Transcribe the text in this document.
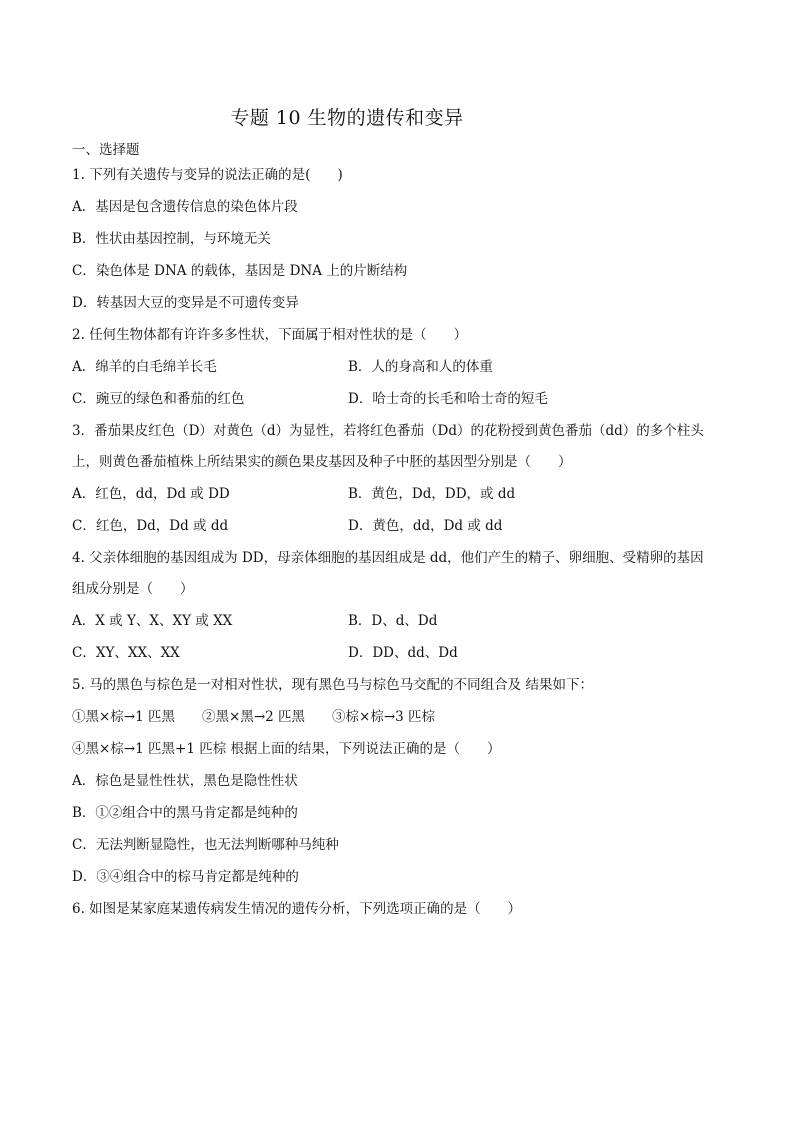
专题 10 生物的遗传和变异
一、选择题
1. 下列有关遗传与变异的说法正确的是(　　)
A．基因是包含遗传信息的染色体片段
B．性状由基因控制，与环境无关
C．染色体是 DNA 的载体，基因是 DNA 上的片断结构
D．转基因大豆的变异是不可遗传变异
2. 任何生物体都有许许多多性状，下面属于相对性状的是（　　）
A．绵羊的白毛绵羊长毛	B．人的身高和人的体重
C．豌豆的绿色和番茄的红色	D．哈士奇的长毛和哈士奇的短毛
3．番茄果皮红色（D）对黄色（d）为显性，若将红色番茄（Dd）的花粉授到黄色番茄（dd）的多个柱头
上，则黄色番茄植株上所结果实的颜色果皮基因及种子中胚的基因型分别是（　　）
A．红色，dd，Dd 或 DD	B．黄色，Dd，DD，或 dd
C．红色，Dd，Dd 或 dd	D．黄色，dd，Dd 或 dd
4. 父亲体细胞的基因组成为 DD，母亲体细胞的基因组成是 dd，他们产生的精子、卵细胞、受精卵的基因
组成分别是（　　）
A．X 或 Y、X、XY 或 XX	B．D、d、Dd
C．XY、XX、XX	D．DD、dd、Dd
5. 马的黑色与棕色是一对相对性状，现有黑色马与棕色马交配的不同组合及 结果如下：
①黑×棕→1 匹黑　　②黑×黑→2 匹黑　　③棕×棕→3 匹棕
④黑×棕→1 匹黑+1 匹棕 根据上面的结果，下列说法正确的是（　　）
A．棕色是显性性状，黑色是隐性性状
B．①②组合中的黑马肯定都是纯种的
C．无法判断显隐性，也无法判断哪种马纯种
D．③④组合中的棕马肯定都是纯种的
6. 如图是某家庭某遗传病发生情况的遗传分析，下列选项正确的是（　　）
